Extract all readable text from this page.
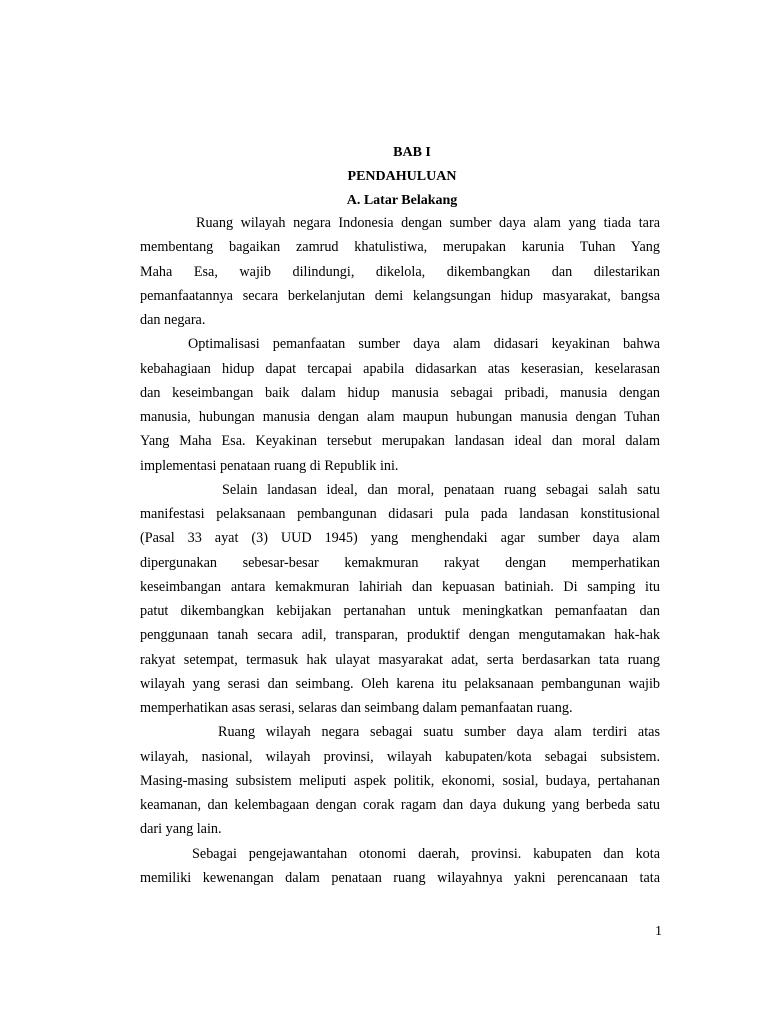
BAB I
PENDAHULUAN
A. Latar Belakang
Ruang wilayah negara Indonesia dengan sumber daya alam yang tiada tara
membentang bagaikan zamrud khatulistiwa, merupakan karunia Tuhan Yang
Maha Esa, wajib dilindungi, dikelola, dikembangkan dan dilestarikan
pemanfaatannya secara berkelanjutan demi kelangsungan hidup masyarakat, bangsa
dan negara.
Optimalisasi pemanfaatan sumber daya alam didasari keyakinan bahwa
kebahagiaan hidup dapat tercapai apabila didasarkan atas keserasian, keselarasan
dan keseimbangan baik dalam hidup manusia sebagai pribadi, manusia dengan
manusia, hubungan manusia dengan alam maupun hubungan manusia dengan Tuhan
Yang Maha Esa. Keyakinan tersebut merupakan landasan ideal dan moral dalam
implementasi penataan ruang di Republik ini.
Selain landasan ideal, dan moral, penataan ruang sebagai salah satu
manifestasi pelaksanaan pembangunan didasari pula pada landasan konstitusional
(Pasal 33 ayat (3) UUD 1945) yang menghendaki agar sumber daya alam
dipergunakan sebesar-besar kemakmuran rakyat dengan memperhatikan
keseimbangan antara kemakmuran lahiriah dan kepuasan batiniah. Di samping itu
patut dikembangkan kebijakan pertanahan untuk meningkatkan pemanfaatan dan
penggunaan tanah secara adil, transparan, produktif dengan mengutamakan hak-hak
rakyat setempat, termasuk hak ulayat masyarakat adat, serta berdasarkan tata ruang
wilayah yang serasi dan seimbang. Oleh karena itu pelaksanaan pembangunan wajib
memperhatikan asas serasi, selaras dan seimbang dalam pemanfaatan ruang.
Ruang wilayah negara sebagai suatu sumber daya alam terdiri atas
wilayah, nasional, wilayah provinsi, wilayah kabupaten/kota sebagai subsistem.
Masing-masing subsistem meliputi aspek politik, ekonomi, sosial, budaya, pertahanan
keamanan, dan kelembagaan dengan corak ragam dan daya dukung yang berbeda satu
dari yang lain.
Sebagai pengejawantahan otonomi daerah, provinsi. kabupaten dan kota
memiliki kewenangan dalam penataan ruang wilayahnya yakni perencanaan tata
1
